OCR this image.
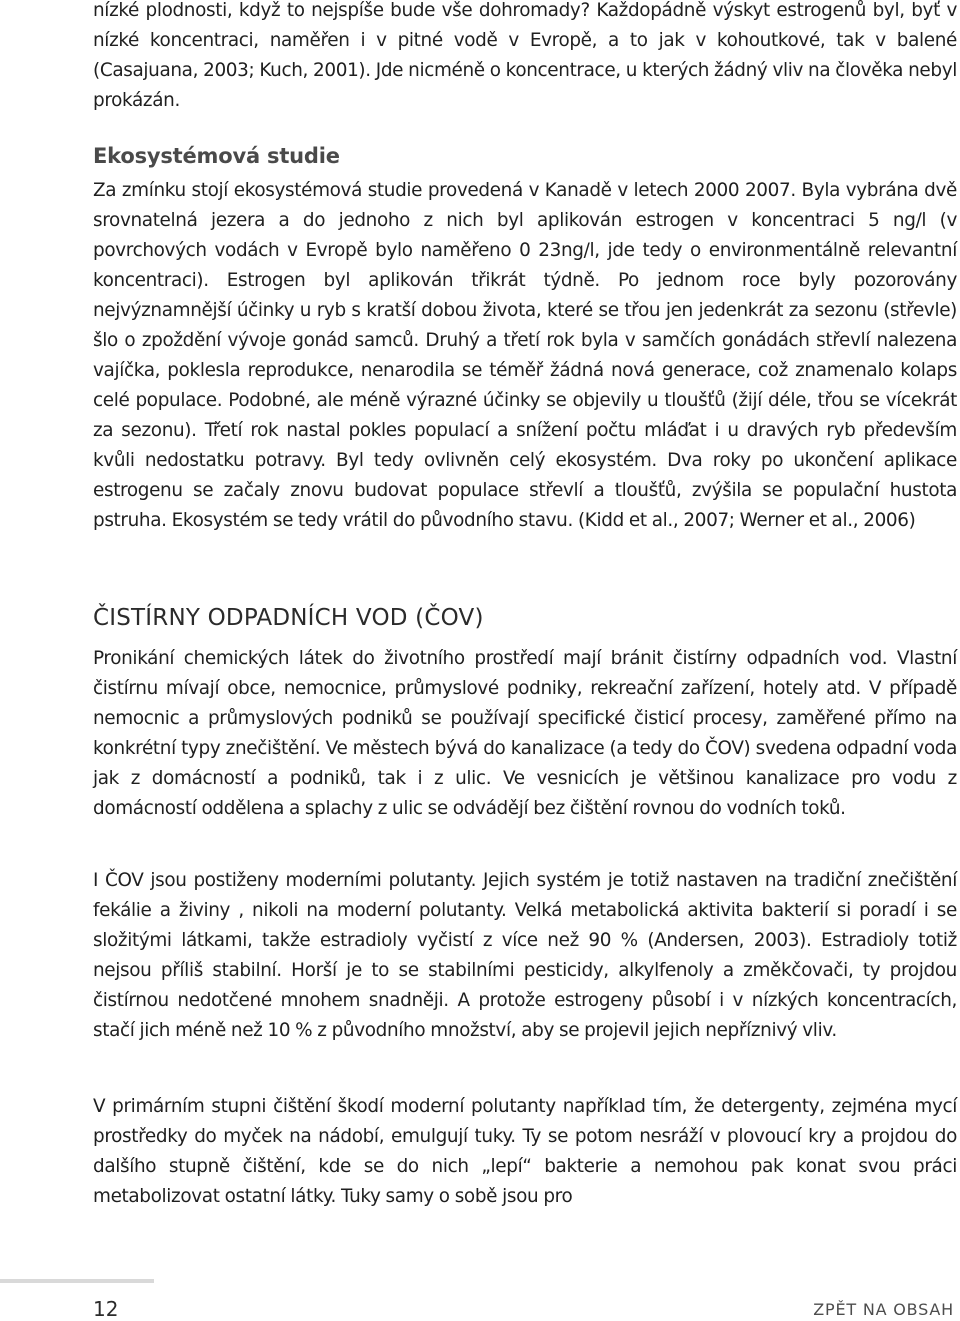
nízké plodnosti, když to nejspíše bude vše dohromady? Každopádně výskyt estrogenů byl, byť v nízké koncentraci, naměřen i v pitné vodě v Evropě, a to jak v kohoutkové, tak v balené (Casajuana, 2003; Kuch, 2001). Jde nicméně o koncentrace, u kterých žádný vliv na člověka nebyl prokázán.

Ekosystémová studie

Za zmínku stojí ekosystémová studie provedená v Kanadě v letech 2000 2007. Byla vybrána dvě srovnatelná jezera a do jednoho z nich byl aplikován estrogen v koncentraci 5 ng/l (v povrchových vodách v Evropě bylo naměřeno 0 23ng/l, jde tedy o environmentálně relevantní koncentraci). Estrogen byl aplikován třikrát týdně. Po jednom roce byly pozorovány nejvýznamnější účinky u ryb s kratší dobou života, které se třou jen jedenkrát za sezonu (střevle) šlo o zpoždění vývoje gonád samců. Druhý a třetí rok byla v samčích gonádách střevlí nalezena vajíčka, poklesla reprodukce, nenarodila se téměř žádná nová generace, což znamenalo kolaps celé populace. Podobné, ale méně výrazné účinky se objevily u tloušťů (žijí déle, třou se vícekrát za sezonu). Třetí rok nastal pokles populací a snížení počtu mláďat i u dravých ryb především kvůli nedostatku potravy. Byl tedy ovlivněn celý ekosystém. Dva roky po ukončení aplikace estrogenu se začaly znovu budovat populace střevlí a tloušťů, zvýšila se populační hustota pstruha. Ekosystém se tedy vrátil do původního stavu. (Kidd et al., 2007; Werner et al., 2006)

ČISTÍRNY ODPADNÍCH VOD (ČOV)

Pronikání chemických látek do životního prostředí mají bránit čistírny odpadních vod. Vlastní čistírnu mívají obce, nemocnice, průmyslové podniky, rekreační zařízení, hotely atd. V případě nemocnic a průmyslových podniků se používají specifické čisticí procesy, zaměřené přímo na konkrétní typy znečištění. Ve městech bývá do kanalizace (a tedy do ČOV) svedena odpadní voda jak z domácností a podniků, tak i z ulic. Ve vesnicích je většinou kanalizace pro vodu z domácností oddělena a splachy z ulic se odvádějí bez čištění rovnou do vodních toků.

I ČOV jsou postiženy moderními polutanty. Jejich systém je totiž nastaven na tradiční znečištění fekálie a živiny , nikoli na moderní polutanty. Velká metabolická aktivita bakterií si poradí i se složitými látkami, takže estradioly vyčistí z více než 90 % (Andersen, 2003). Estradioly totiž nejsou příliš stabilní. Horší je to se stabilními pesticidy, alkylfenoly a změkčovači, ty projdou čistírnou nedotčené mnohem snadněji. A protože estrogeny působí i v nízkých koncentracích, stačí jich méně než 10 % z původního množství, aby se projevil jejich nepříznivý vliv.

V primárním stupni čištění škodí moderní polutanty například tím, že detergenty, zejména mycí prostředky do myček na nádobí, emulgují tuky. Ty se potom nesráží v plovoucí kry a projdou do dalšího stupně čištění, kde se do nich „lepí“ bakterie a nemohou pak konat svou práci metabolizovat ostatní látky. Tuky samy o sobě jsou pro

12	ZPĚT NA OBSAH
